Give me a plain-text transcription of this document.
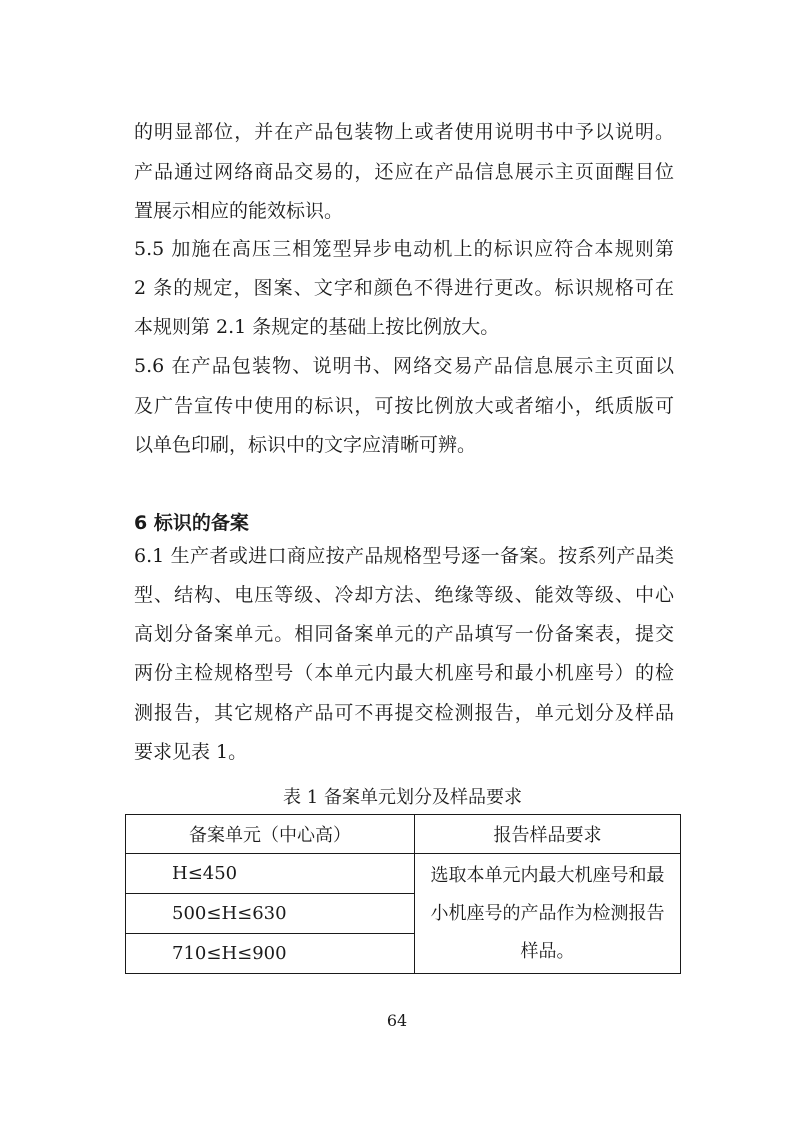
的明显部位，并在产品包装物上或者使用说明书中予以说明。
产品通过网络商品交易的，还应在产品信息展示主页面醒目位
置展示相应的能效标识。
5.5 加施在高压三相笼型异步电动机上的标识应符合本规则第
2 条的规定，图案、文字和颜色不得进行更改。标识规格可在
本规则第 2.1 条规定的基础上按比例放大。
5.6 在产品包装物、说明书、网络交易产品信息展示主页面以
及广告宣传中使用的标识，可按比例放大或者缩小，纸质版可
以单色印刷，标识中的文字应清晰可辨。
6 标识的备案
6.1 生产者或进口商应按产品规格型号逐一备案。按系列产品类
型、结构、电压等级、冷却方法、绝缘等级、能效等级、中心
高划分备案单元。相同备案单元的产品填写一份备案表，提交
两份主检规格型号（本单元内最大机座号和最小机座号）的检
测报告，其它规格产品可不再提交检测报告，单元划分及样品
要求见表 1。
表 1 备案单元划分及样品要求
备案单元（中心高）	报告样品要求
H≤450	选取本单元内最大机座号和最小机座号的产品作为检测报告样品。
500≤H≤630	
710≤H≤900	
64
